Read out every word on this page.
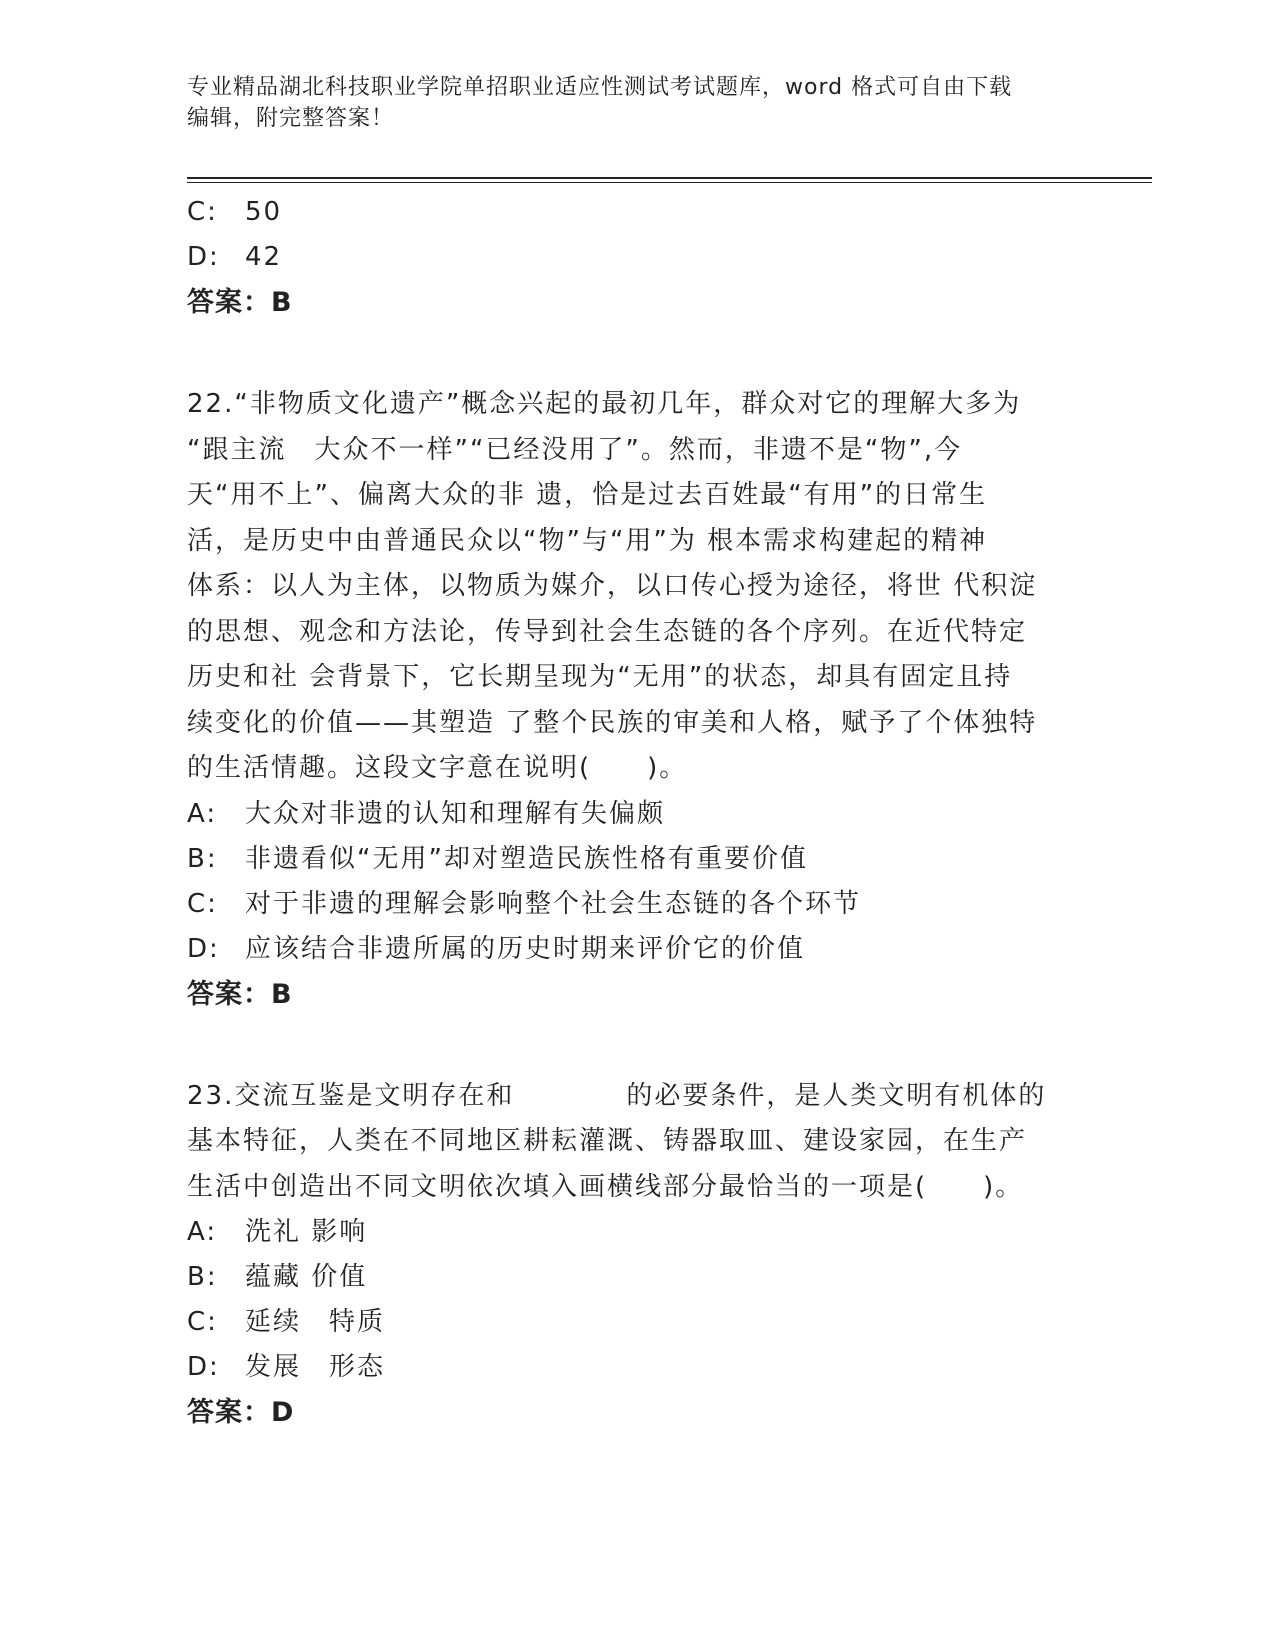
专业精品湖北科技职业学院单招职业适应性测试考试题库，word 格式可自由下载
编辑，附完整答案！
C: 50
D: 42
答案：B
22.“非物质文化遗产”概念兴起的最初几年，群众对它的理解大多为
“跟主流　大众不一样”“已经没用了”。然而，非遗不是“物”,今
天“用不上”、偏离大众的非 遗，恰是过去百姓最“有用”的日常生
活，是历史中由普通民众以“物”与“用”为 根本需求构建起的精神
体系：以人为主体，以物质为媒介，以口传心授为途径，将世 代积淀
的思想、观念和方法论，传导到社会生态链的各个序列。在近代特定
历史和社 会背景下，它长期呈现为“无用”的状态，却具有固定且持
续变化的价值——其塑造 了整个民族的审美和人格，赋予了个体独特
的生活情趣。这段文字意在说明(　　)。
A: 大众对非遗的认知和理解有失偏颇
B: 非遗看似“无用”却对塑造民族性格有重要价值
C: 对于非遗的理解会影响整个社会生态链的各个环节
D: 应该结合非遗所属的历史时期来评价它的价值
答案：B
23.交流互鉴是文明存在和　　　　的必要条件，是人类文明有机体的
基本特征，人类在不同地区耕耘灌溉、铸器取皿、建设家园，在生产
生活中创造出不同文明依次填入画横线部分最恰当的一项是(　　)。
A: 洗礼 影响
B: 蕴藏 价值
C: 延续　特质
D: 发展　形态
答案：D
